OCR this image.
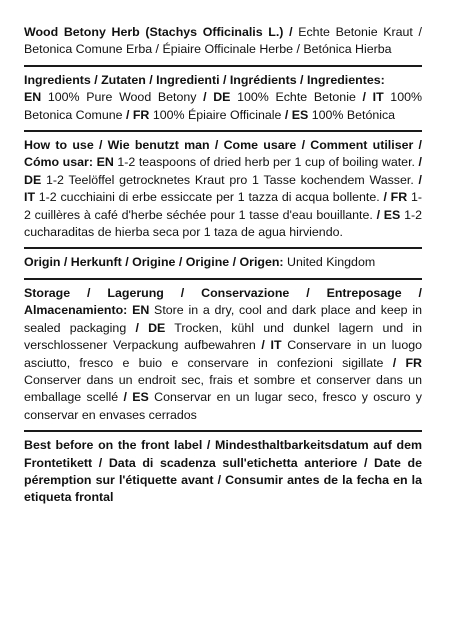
Wood Betony Herb (Stachys Officinalis L.) / Echte Betonie Kraut / Betonica Comune Erba / Épiaire Officinale Herbe / Betónica Hierba
Ingredients / Zutaten / Ingredienti / Ingrédients / Ingredientes:
EN 100% Pure Wood Betony / DE 100% Echte Betonie / IT 100% Betonica Comune / FR 100% Épiaire Officinale / ES 100% Betónica
How to use / Wie benutzt man / Come usare / Comment utiliser / Cómo usar: EN 1-2 teaspoons of dried herb per 1 cup of boiling water. / DE 1-2 Teelöffel getrocknetes Kraut pro 1 Tasse kochendem Wasser. / IT 1-2 cucchiaini di erbe essiccate per 1 tazza di acqua bollente. / FR 1-2 cuillères à café d'herbe séchée pour 1 tasse d'eau bouillante. / ES 1-2 cucharaditas de hierba seca por 1 taza de agua hirviendo.
Origin / Herkunft / Origine / Origine / Origen: United Kingdom
Storage / Lagerung / Conservazione / Entreposage / Almacenamiento: EN Store in a dry, cool and dark place and keep in sealed packaging / DE Trocken, kühl und dunkel lagern und in verschlossener Verpackung aufbewahren / IT Conservare in un luogo asciutto, fresco e buio e conservare in confezioni sigillate / FR Conserver dans un endroit sec, frais et sombre et conserver dans un emballage scellé / ES Conservar en un lugar seco, fresco y oscuro y conservar en envases cerrados
Best before on the front label / Mindesthaltbarkeitsdatum auf dem Frontetikett / Data di scadenza sull'etichetta anteriore / Date de péremption sur l'étiquette avant / Consumir antes de la fecha en la etiqueta frontal
